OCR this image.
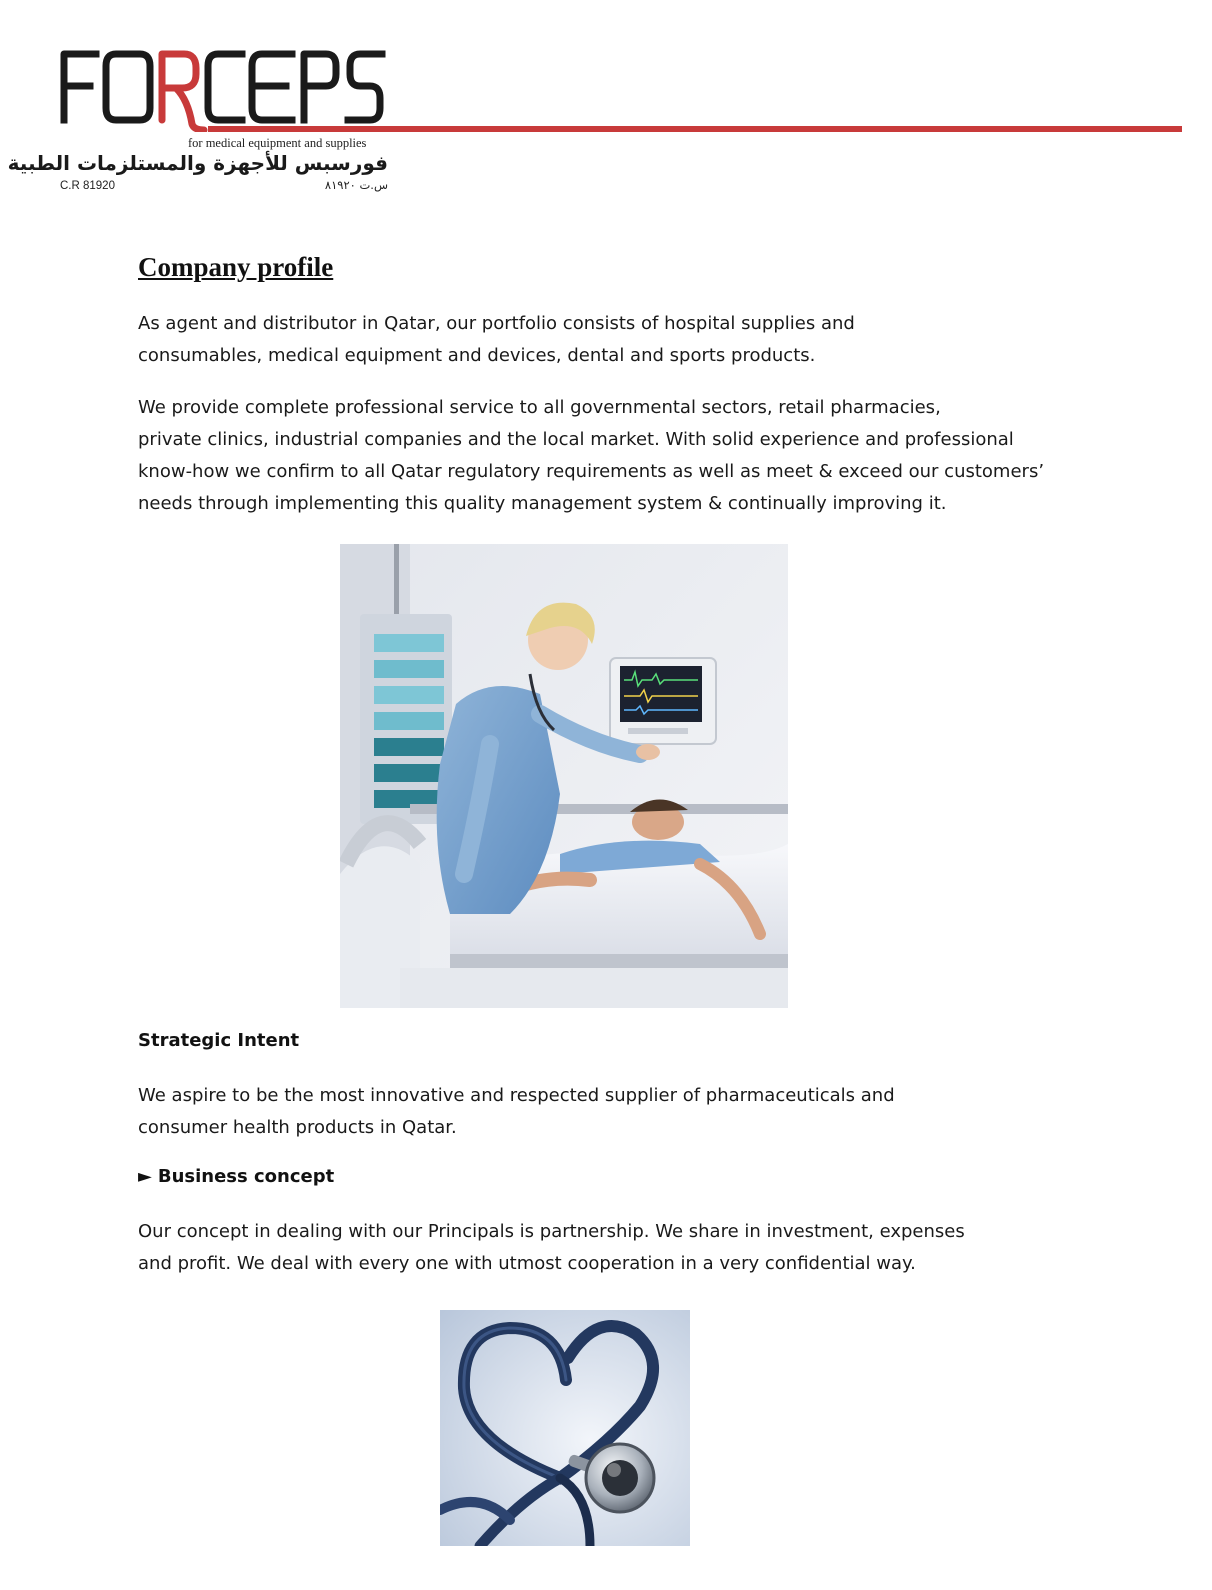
for medical equipment and supplies
فورسبس للأجهزة والمستلزمات الطبية
C.R 81920	س.ت ٨١٩٢٠
Company profile
As agent and distributor in Qatar, our portfolio consists of hospital supplies and
consumables, medical equipment and devices, dental and sports products.
We provide complete professional service to all governmental sectors, retail pharmacies,
private clinics, industrial companies and the local market. With solid experience and professional
know-how we confirm to all Qatar regulatory requirements as well as meet & exceed our customers’
needs through implementing this quality management system & continually improving it.
Strategic Intent
We aspire to be the most innovative and respected supplier of pharmaceuticals and
consumer health products in Qatar.
► Business concept
Our concept in dealing with our Principals is partnership. We share in investment, expenses
and profit. We deal with every one with utmost cooperation in a very confidential way.
